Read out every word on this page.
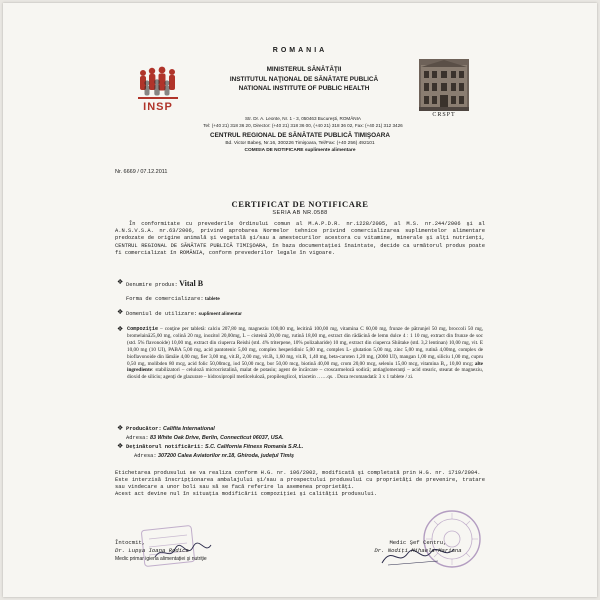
ROMANIA
INSP
MINISTERUL SĂNĂTĂŢII
INSTITUTUL NAŢIONAL DE SĂNĂTATE PUBLICĂ
NATIONAL INSTITUTE OF PUBLIC HEALTH
CRSPT
Str. Dr. A. Leonte, Nr. 1 - 3, 050463 Bucureşti, ROMÂNIA
Tel: (+40 21) 318 36 20, Director: (+40 21) 318 36 00, (+40 21) 318 36 02, Fax: (+40 21) 312 3426
CENTRUL REGIONAL DE SĂNĂTATE PUBLICĂ TIMIŞOARA
Bd. Victor Babeş, Nr.16, 300226 Timişoara, Tel/Fax: (+40 256) 492101
COMISIA DE NOTIFICARE suplimente alimentare
Nr. 6669 / 07.12.2011
CERTIFICAT DE NOTIFICARE
SERIA AB NR.0588
În conformitate cu prevederile Ordinului comun al M.A.P.D.R. nr.1228/2005, al M.S. nr.244/2006 şi al A.N.S.V.S.A. nr.63/2006, privind aprobarea Normelor tehnice privind comercializarea suplimentelor alimentare predozate de origine animală şi vegetală şi/sau a amestecurilor acestora cu vitamine, minerale şi alţi nutrienţi, CENTRUL REGIONAL DE SĂNĂTATE PUBLICĂ TIMIŞOARA, în baza documentaţiei înaintate, decide ca următorul produs poate fi comercializat în ROMÂNIA, conform prevederilor legale în vigoare.
❖ Denumire produs: Vital B
Forma de comercializare: tablete
❖ Domeniul de utilizare: supliment alimentar
❖ Compoziţie – conţine per tabletă: calciu 207,80 mg, magneziu 100,00 mg, lecitină 100,00 mg, vitamina C 60,00 mg, frunze de pătrunjel 50 mg, broccoli 50 mg, bromelaină25,00 mg, colină 20 mg, inozitol 20,00mg, L – cisteină 20,00 mg, rutină 18,00 mg, extract din rădăcină de lemn dulce 4 : 1 10 mg, extract din frunze de soc (std. 5% flavonoide) 10,00 mg, extract din ciuperca Reishi (std. 4% triterpene, 10% polizaharide) 10 mg, extract din ciuperca Shiitake (std. 3,2 lentinan) 10,00 mg, vit. E 10,00 mg (10 UI), PABA 5,00 mg, acid pantotenic 5,00 mg, complex hesperidinic 5,00 mg, complex L- glutation 5,00 mg, zinc 5,00 mg, rutină 4,00mg, complex de bioflavonoide din lămâie 4,00 mg, fier 3,00 mg, vit.B₂ 2,00 mg, vit.B₆ 1,60 mg, vit.B₁ 1,40 mg, beta-caroten 1,20 mg, (2000 UI), mangan 1,00 mg, siliciu 1,00 mg, cupru 0,50 mg, molibden 80 mcg, acid folic 50,00mcg, iod 50,00 mcg, bor 50,00 mcg, biotină 40,00 mg, crom 20,00 mcg, seleniu 15,00 mcg, vitamina B₁₂ 10,00 mcg; alte ingrediente: stabilizatori – celuloză microcristalină, malat de potasiu; agent de încărcare – croscarmeloză sodică; antiaglomeranţi – acid stearic, stearat de magneziu, dioxid de siliciu; agenţi de glazurare – hidroxipropil metilceluloză, propilenglicol, triacetin ……qs. . Doza recomandată: 3 x 1 tablete / zi.
❖ Producător: Califita International
Adresa: 83 White Oak Drive, Berlin, Connecticut 06037, USA.
❖ Deţinătorul notificării: S.C. California Fitness Romania S.R.L.
Adresa: 307200 Calea Aviatorilor nr.18, Ghiroda, judeţul Timiş
Etichetarea produsului se va realiza conform H.G. nr. 106/2002, modificată şi completată prin H.G. nr. 1719/2004.
Este interzisă înscripţionarea ambalajului şi/sau a prospectului produsului cu proprietăţi de prevenire, tratare sau vindecare a unor boli sau să se facă referire la asemenea proprietăţi.
Acest act devine nul în situaţia modificării compoziţiei şi calităţii produsului.
Întocmit,
Dr. Lupşa Ioana Rodica
Medic primar igiena alimentaţiei şi nutriţie
Medic Şef Centru,
Dr. Nodiţi Mihaela-Mariana
